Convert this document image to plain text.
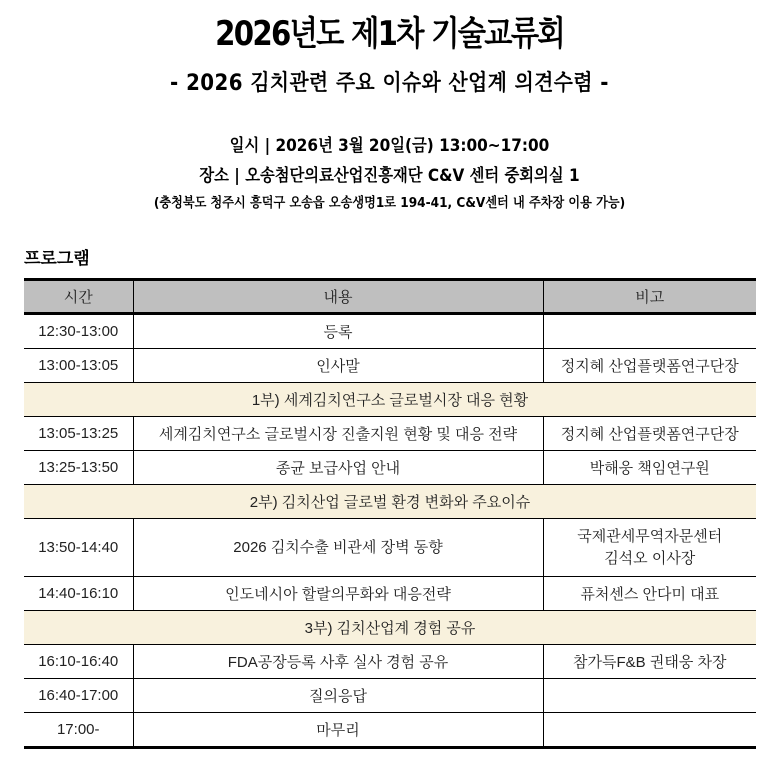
2026년도 제1차 기술교류회
- 2026 김치관련 주요 이슈와 산업계 의견수렴 -
일시 | 2026년 3월 20일(금) 13:00~17:00
장소 | 오송첨단의료산업진흥재단 C&V 센터 중회의실 1
(충청북도 청주시 흥덕구 오송읍 오송생명1로 194-41, C&V센터 내 주차장 이용 가능)
프로그램
시간	내용	비고
12:30-13:00	등록	
13:00-13:05	인사말	정지혜 산업플랫폼연구단장
1부) 세계김치연구소 글로벌시장 대응 현황		
13:05-13:25	세계김치연구소 글로벌시장 진출지원 현황 및 대응 전략	정지혜 산업플랫폼연구단장
13:25-13:50	종균 보급사업 안내	박해웅 책임연구원
2부) 김치산업 글로벌 환경 변화와 주요이슈		
13:50-14:40	2026 김치수출 비관세 장벽 동향	국제관세무역자문센터
김석오 이사장

14:40-16:10	인도네시아 할랄의무화와 대응전략	퓨처센스 안다미 대표
3부) 김치산업계 경험 공유		
16:10-16:40	FDA공장등록 사후 실사 경험 공유	참가득F&B 권태웅 차장
16:40-17:00	질의응답	
17:00-	마무리	
